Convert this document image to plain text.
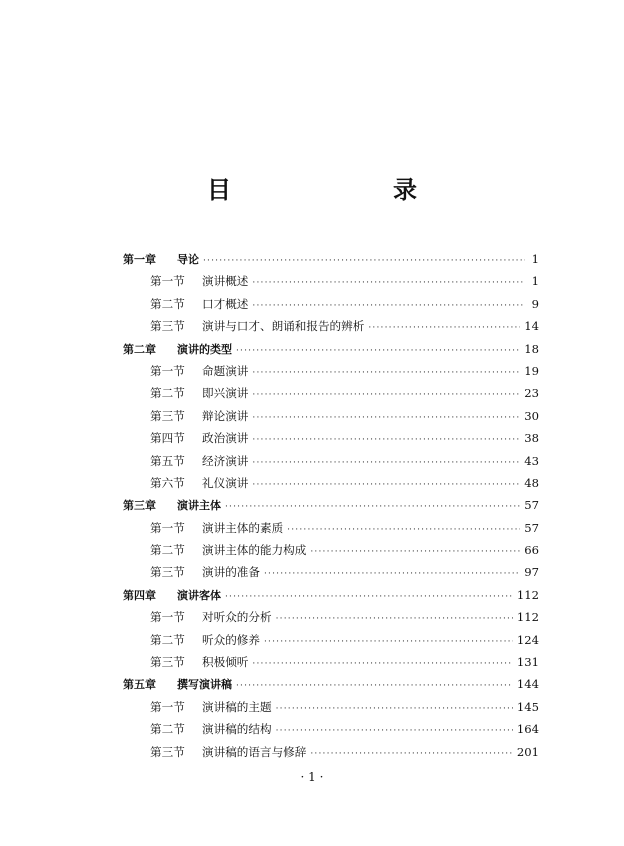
目　　录
第一章	导论 ·····	1
第一节	演讲概述 ·····	1
第二节	口才概述 ·····	9
第三节	演讲与口才、朗诵和报告的辨析 ·····	14
第二章	演讲的类型 ·····	18
第一节	命题演讲 ·····	19
第二节	即兴演讲 ·····	23
第三节	辩论演讲 ·····	30
第四节	政治演讲 ·····	38
第五节	经济演讲 ·····	43
第六节	礼仪演讲 ·····	48
第三章	演讲主体 ·····	57
第一节	演讲主体的素质 ·····	57
第二节	演讲主体的能力构成 ·····	66
第三节	演讲的准备 ·····	97
第四章	演讲客体 ·····	112
第一节	对听众的分析 ·····	112
第二节	听众的修养 ·····	124
第三节	积极倾听 ·····	131
第五章	撰写演讲稿 ·····	144
第一节	演讲稿的主题 ·····	145
第二节	演讲稿的结构 ·····	164
第三节	演讲稿的语言与修辞 ·····	201
· 1 ·
